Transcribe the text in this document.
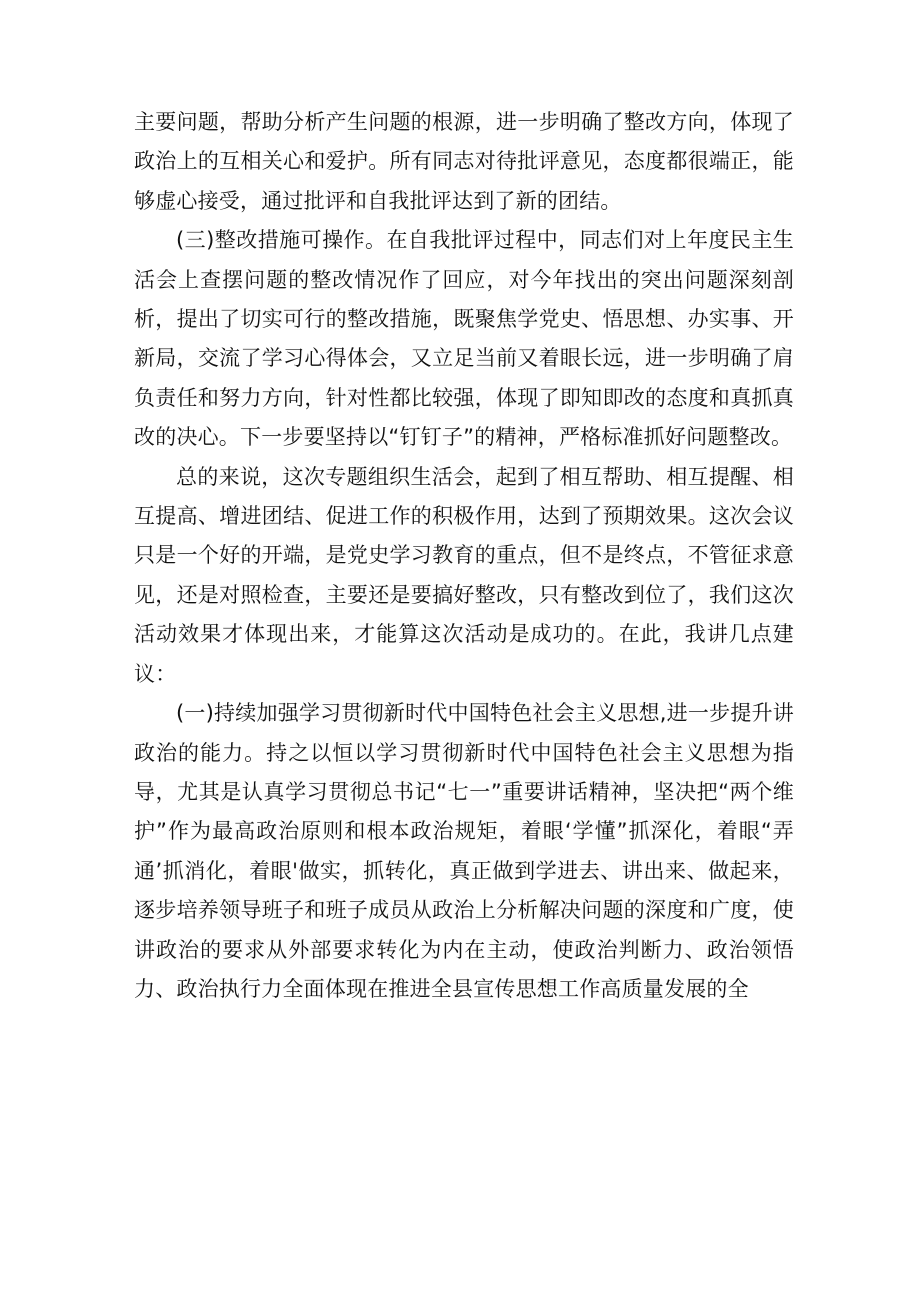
主要问题，帮助分析产生问题的根源，进一步明确了整改方向，体现了政治上的互相关心和爱护。所有同志对待批评意见，态度都很端正，能够虚心接受，通过批评和自我批评达到了新的团结。

(三)整改措施可操作。在自我批评过程中，同志们对上年度民主生活会上查摆问题的整改情况作了回应，对今年找出的突出问题深刻剖析，提出了切实可行的整改措施，既聚焦学党史、悟思想、办实事、开新局，交流了学习心得体会，又立足当前又着眼长远，进一步明确了肩负责任和努力方向，针对性都比较强，体现了即知即改的态度和真抓真改的决心。下一步要坚持以“钉钉子”的精神，严格标准抓好问题整改。

总的来说，这次专题组织生活会，起到了相互帮助、相互提醒、相互提高、增进团结、促进工作的积极作用，达到了预期效果。这次会议只是一个好的开端，是党史学习教育的重点，但不是终点，不管征求意见，还是对照检查，主要还是要搞好整改，只有整改到位了，我们这次活动效果才体现出来，才能算这次活动是成功的。在此，我讲几点建议：

(一)持续加强学习贯彻新时代中国特色社会主义思想,进一步提升讲政治的能力。持之以恒以学习贯彻新时代中国特色社会主义思想为指导，尤其是认真学习贯彻总书记“七一”重要讲话精神，坚决把“两个维护”作为最高政治原则和根本政治规矩，着眼‘学懂”抓深化，着眼“弄通’抓消化，着眼'做实，抓转化，真正做到学进去、讲出来、做起来，逐步培养领导班子和班子成员从政治上分析解决问题的深度和广度，使讲政治的要求从外部要求转化为内在主动，使政治判断力、政治领悟力、政治执行力全面体现在推进全县宣传思想工作高质量发展的全
